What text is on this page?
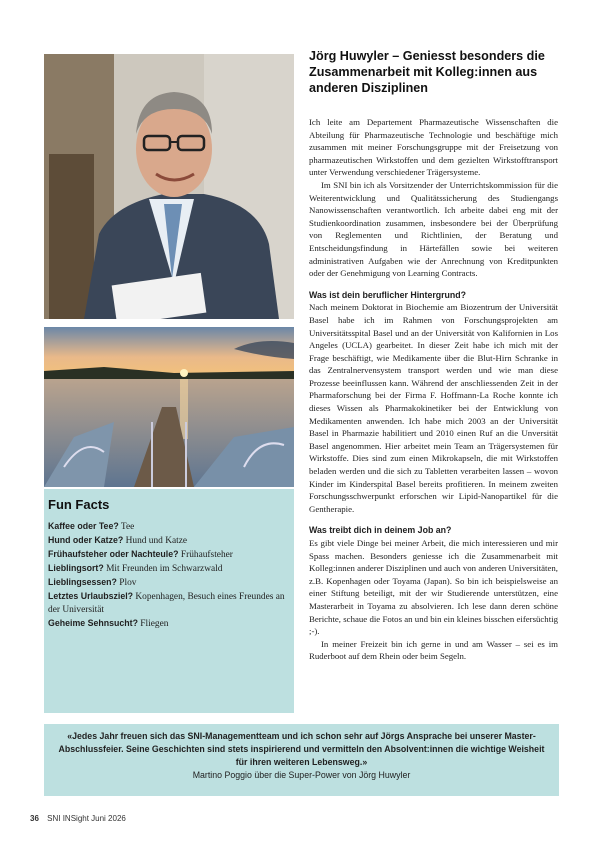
Fun Facts

Kaffee oder Tee? Tee

Hund oder Katze? Hund und Katze

Frühaufsteher oder Nachteule? Frühaufsteher

Lieblingsort? Mit Freunden im Schwarzwald

Lieblingsessen? Plov

Letztes Urlaubsziel? Kopenhagen, Besuch eines Freundes an der Universität

Geheime Sehnsucht? Fliegen

Jörg Huwyler – Geniesst besonders die Zusammenarbeit mit Kolleg:innen aus anderen Disziplinen

Ich leite am Departement Pharmazeutische Wissenschaften die Abteilung für Pharmazeutische Technologie und beschäftige mich zusammen mit meiner Forschungsgruppe mit der Freisetzung von pharmazeutischen Wirkstoffen und dem gezielten Wirkstofftransport unter Verwendung verschiedener Trägersysteme.

Im SNI bin ich als Vorsitzender der Unterrichtskommission für die Weiterentwicklung und Qualitätssicherung des Studiengangs Nanowissenschaften verantwortlich. Ich arbeite dabei eng mit der Studienkoordination zusammen, insbesondere bei der Überprüfung von Reglementen und Richtlinien, der Beratung und Entscheidungsfindung in Härtefällen sowie bei weiteren administrativen Aufgaben wie der Anrechnung von Kreditpunkten oder der Genehmigung von Learning Contracts.

Was ist dein beruflicher Hintergrund?

Nach meinem Doktorat in Biochemie am Biozentrum der Universität Basel habe ich im Rahmen von Forschungsprojekten am Universitätsspital Basel und an der Universität von Kalifornien in Los Angeles (UCLA) gearbeitet. In dieser Zeit habe ich mich mit der Frage beschäftigt, wie Medikamente über die Blut-Hirn Schranke in das Zentralnervensystem transport werden und wie man diese Prozesse beeinflussen kann. Während der anschliessenden Zeit in der Pharmaforschung bei der Firma F. Hoffmann-La Roche konnte ich dieses Wissen als Pharmakokinetiker bei der Entwicklung von Medikamenten anwenden. Ich habe mich 2003 an der Universität Basel in Pharmazie habilitiert und 2010 einen Ruf an die Unversität Basel angenommen. Hier arbeitet mein Team an Trägersystemen für Wirkstoffe. Dies sind zum einen Mikrokapseln, die mit Wirkstoffen beladen werden und die sich zu Tabletten verarbeiten lassen – wovon Kinder im Kinderspital Basel bereits profitieren. In meinem zweiten Forschungsschwerpunkt erforschen wir Lipid-Nanopartikel für die Gentherapie.

Was treibt dich in deinem Job an?

Es gibt viele Dinge bei meiner Arbeit, die mich interessieren und mir Spass machen. Besonders geniesse ich die Zusammenarbeit mit Kolleg:innen anderer Disziplinen und auch von anderen Universitäten, z.B. Kopenhagen oder Toyama (Japan). So bin ich beispielsweise an einer Stiftung beteiligt, mit der wir Studierende unterstützen, eine Masterarbeit in Toyama zu absolvieren. Ich lese dann deren schöne Berichte, schaue die Fotos an und bin ein kleines bisschen eifersüchtig ;-).

In meiner Freizeit bin ich gerne in und am Wasser – sei es im Ruderboot auf dem Rhein oder beim Segeln.

«Jedes Jahr freuen sich das SNI-Managementteam und ich schon sehr auf Jörgs Ansprache bei unserer Master-Abschlussfeier. Seine Geschichten sind stets inspirierend und vermitteln den Absolvent:innen die wichtige Weisheit für ihren weiteren Lebensweg.»

Martino Poggio über die Super-Power von Jörg Huwyler

36 SNI INSight Juni 2026
